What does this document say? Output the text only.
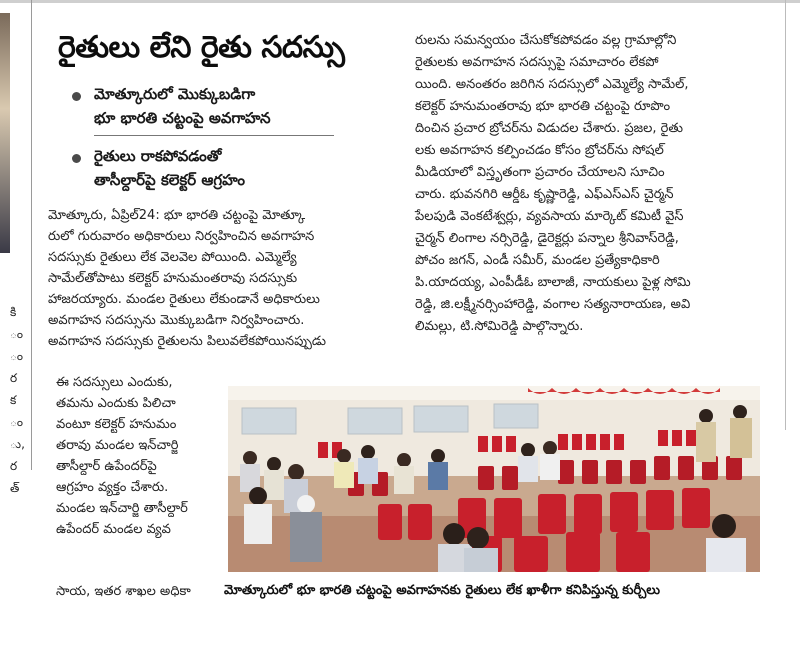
కి
ం
ం
ర
క
ం
ు,
ర
త్
రైతులు లేని రైతు సదస్సు
మోత్కూరులో మొక్కుబడిగా
భూ భారతి చట్టంపై అవగాహన
రైతులు రాకపోవడంతో
తాసీల్దార్‌పై కలెక్టర్ ఆగ్రహం
మోత్కూరు, ఏప్రిల్24: భూ భారతి చట్టంపై మోత్కూ
రులో గురువారం అధికారులు నిర్వహించిన అవగాహన
సదస్సుకు రైతులు లేక వెలవెల పోయింది. ఎమ్మెల్యే
సామేల్‌తోపాటు కలెక్టర్ హనుమంతరావు సదస్సుకు
హాజరయ్యారు. మండల రైతులు లేకుండానే అధికారులు
అవగాహన సదస్సును మొక్కుబడిగా నిర్వహించారు.
అవగాహన సదస్సుకు రైతులను పిలువలేకపోయినప్పుడు
ఈ సదస్సులు ఎందుకు,
తమను ఎందుకు పిలిచా
వంటూ కలెక్టర్ హనుమం
తరావు మండల ఇన్‌చార్జి
తాసీల్దార్ ఉపేందర్‌పై
ఆగ్రహం వ్యక్తం చేశారు.
మండల ఇన్‌చార్జి తాసీల్దార్
ఉపేందర్ మండల వ్యవ
సాయ, ఇతర శాఖల అధికా
రులను సమన్వయం చేసుకోకపోవడం వల్ల గ్రామాల్లోని
రైతులకు అవగాహన సదస్సుపై సమాచారం లేకపో
యింది. అనంతరం జరిగిన సదస్సులో ఎమ్మెల్యే సామేల్,
కలెక్టర్ హనుమంతరావు భూ భారతి చట్టంపై రూపొం
దించిన ప్రచార బ్రోచర్‌ను విడుదల చేశారు. ప్రజల, రైతు
లకు అవగాహన కల్పించడం కోసం బ్రోచర్‌ను సోషల్
మీడియాలో విస్తృతంగా ప్రచారం చేయాలని సూచిం
చారు. భువనగిరి ఆర్డీఓ కృష్ణారెడ్డి, ఎఫ్ఎస్ఎస్ చైర్మన్
పేలపుడి వెంకటేశ్వర్లు, వ్యవసాయ మార్కెట్ కమిటీ వైస్
చైర్మన్ లింగాల నర్సిరెడ్డి, డైరెక్టర్లు పన్నాల శ్రీనివాస్‌రెడ్డి,
పోచం జగన్, ఎండీ సమీర్, మండల ప్రత్యేకాధికారి
పి.యాదయ్య, ఎంపీడీఓ బాలాజీ, నాయకులు పైళ్ల సోమి
రెడ్డి, జి.లక్ష్మీనర్సింహారెడ్డి, వంగాల సత్యనారాయణ, అవి
లిమల్లు, టి.సోమిరెడ్డి పాల్గొన్నారు.
మోత్కూరులో భూ భారతి చట్టంపై అవగాహనకు రైతులు లేక ఖాళీగా కనిపిస్తున్న కుర్చీలు
